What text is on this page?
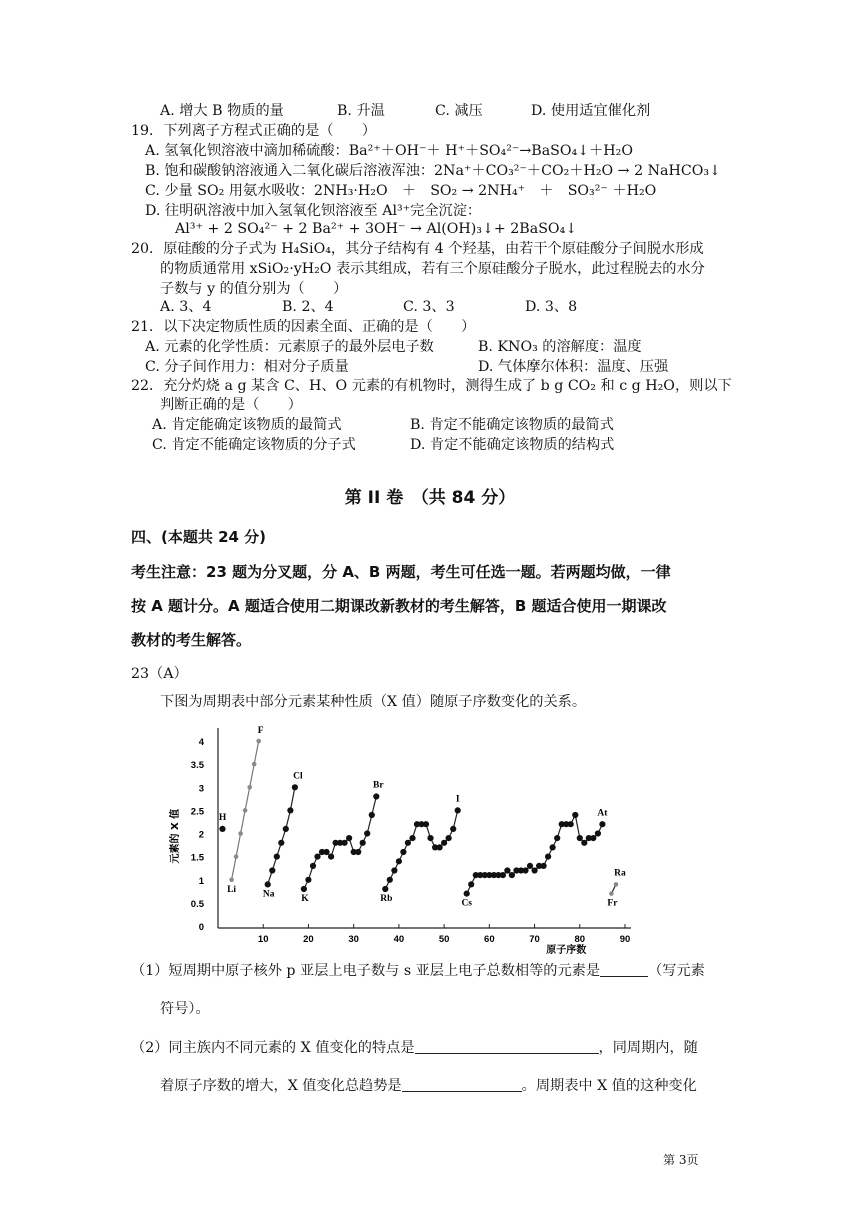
A. 增大 B 物质的量	B. 升温	C. 减压	D. 使用适宜催化剂
19．下列离子方程式正确的是（　　）
A. 氢氧化钡溶液中滴加稀硫酸：Ba²⁺＋OH⁻＋ H⁺＋SO₄²⁻→BaSO₄↓＋H₂O
B. 饱和碳酸钠溶液通入二氧化碳后溶液浑浊：2Na⁺＋CO₃²⁻＋CO₂＋H₂O → 2 NaHCO₃↓
C. 少量 SO₂ 用氨水吸收：2NH₃·H₂O　＋　SO₂ → 2NH₄⁺　＋　SO₃²⁻ ＋H₂O
D. 往明矾溶液中加入氢氧化钡溶液至 Al³⁺完全沉淀：
Al³⁺ + 2 SO₄²⁻ + 2 Ba²⁺ + 3OH⁻ → Al(OH)₃↓+ 2BaSO₄↓
20．原硅酸的分子式为 H₄SiO₄，其分子结构有 4 个羟基，由若干个原硅酸分子间脱水形成
的物质通常用 xSiO₂·yH₂O 表示其组成，若有三个原硅酸分子脱水，此过程脱去的水分
子数与 y 的值分别为（　　）
A. 3、4	B. 2、4	C. 3、3	D. 3、8
21．以下决定物质性质的因素全面、正确的是（　　）
A. 元素的化学性质：元素原子的最外层电子数	B. KNO₃ 的溶解度：温度
C. 分子间作用力：相对分子质量	D. 气体摩尔体积：温度、压强
22．充分灼烧 a g 某含 C、H、O 元素的有机物时，测得生成了 b g CO₂ 和 c g H₂O，则以下
判断正确的是（　　）
A. 肯定能确定该物质的最简式	B. 肯定不能确定该物质的最简式
C. 肯定不能确定该物质的分子式	D. 肯定不能确定该物质的结构式
第 II 卷　（共 84 分）
四、(本题共 24 分)
考生注意：23 题为分叉题，分 A、B 两题，考生可任选一题。若两题均做，一律
按 A 题计分。A 题适合使用二期课改新教材的考生解答，B 题适合使用一期课改
教材的考生解答。
23（A）
下图为周期表中部分元素某种性质（X 值）随原子序数变化的关系。
0
0.5
1
1.5
2
2.5
3
3.5
4
10	20	30	40	50	60	70	80	90
H
F
Li
Cl
Na
Br
K
I
Rb	Cs
At
Ra
Fr
元素的 X 值
原子序数
（1）短周期中原子核外 p 亚层上电子数与 s 亚层上电子总数相等的元素是	（写元素
符号）。
（2）同主族内不同元素的 X 值变化的特点是	，同周期内，随
着原子序数的增大，X 值变化总趋势是	。周期表中 X 值的这种变化
第 3页
